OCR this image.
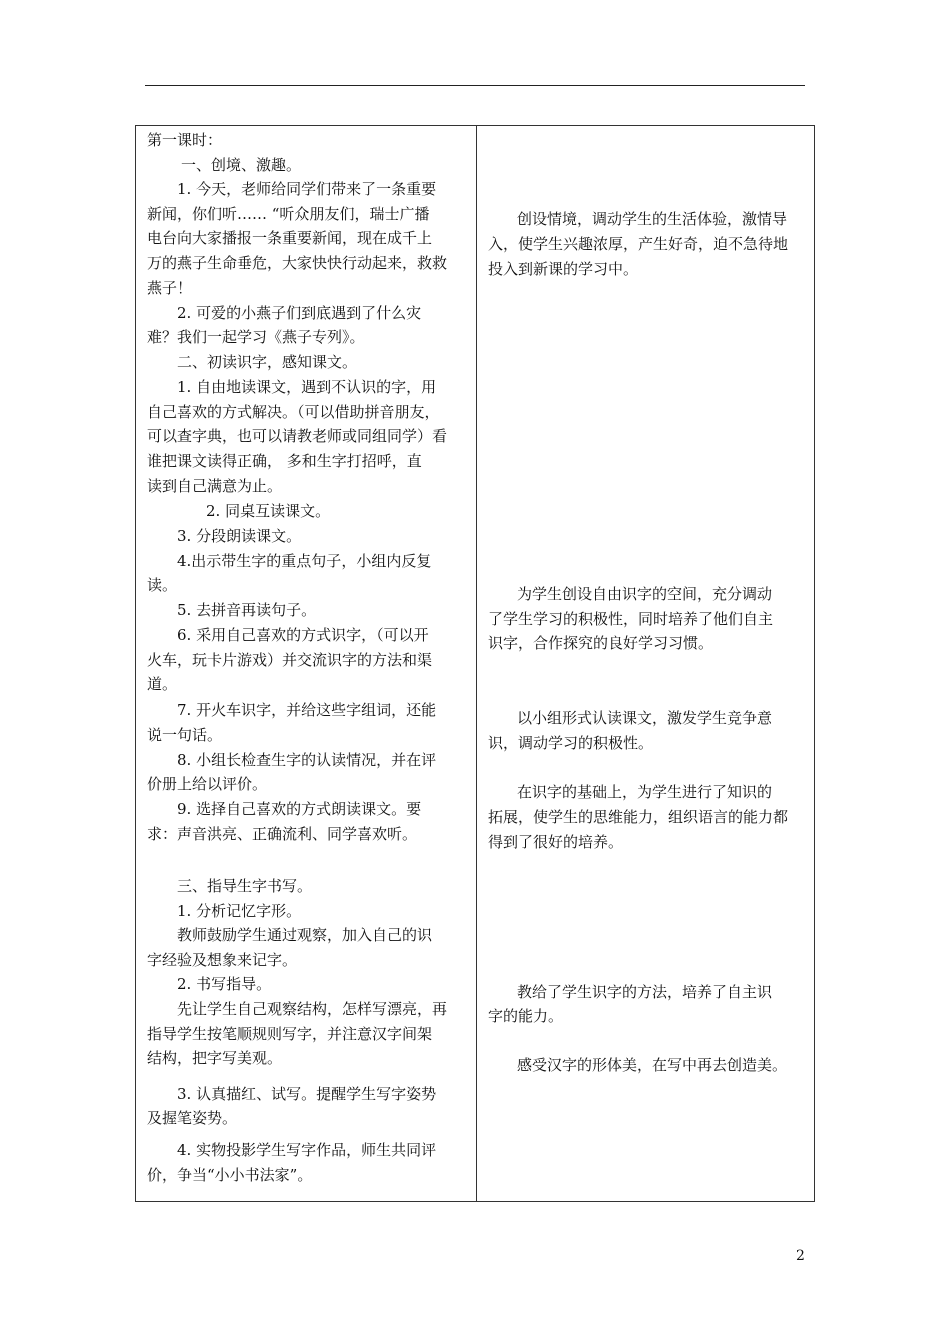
第一课时：
一、创境、激趣。
1. 今天，老师给同学们带来了一条重要
新闻，你们听…… “听众朋友们，瑞士广播
电台向大家播报一条重要新闻，现在成千上
万的燕子生命垂危，大家快快行动起来，救救
燕子！
2. 可爱的小燕子们到底遇到了什么灾
难？我们一起学习《燕子专列》。
二、初读识字，感知课文。
1. 自由地读课文，遇到不认识的字，用
自己喜欢的方式解决。（可以借助拼音朋友，
可以查字典，也可以请教老师或同组同学）看
谁把课文读得正确， 多和生字打招呼，直
读到自己满意为止。
2. 同桌互读课文。
3. 分段朗读课文。
4.出示带生字的重点句子，小组内反复
读。
5. 去拼音再读句子。
6. 采用自己喜欢的方式识字，（可以开
火车，玩卡片游戏）并交流识字的方法和渠
道。
7. 开火车识字，并给这些字组词，还能
说一句话。
8. 小组长检查生字的认读情况，并在评
价册上给以评价。
9. 选择自己喜欢的方式朗读课文。要
求：声音洪亮、正确流利、同学喜欢听。
三、指导生字书写。
1. 分析记忆字形。
教师鼓励学生通过观察，加入自己的识
字经验及想象来记字。
2. 书写指导。
先让学生自己观察结构，怎样写漂亮，再
指导学生按笔顺规则写字，并注意汉字间架
结构，把字写美观。
3. 认真描红、试写。提醒学生写字姿势
及握笔姿势。
4. 实物投影学生写字作品，师生共同评
价，争当“小小书法家”。
创设情境，调动学生的生活体验，激情导
入，使学生兴趣浓厚，产生好奇，迫不急待地
投入到新课的学习中。
为学生创设自由识字的空间，充分调动
了学生学习的积极性，同时培养了他们自主
识字，合作探究的良好学习习惯。
以小组形式认读课文，激发学生竞争意
识，调动学习的积极性。
在识字的基础上，为学生进行了知识的
拓展，使学生的思维能力，组织语言的能力都
得到了很好的培养。
教给了学生识字的方法，培养了自主识
字的能力。
感受汉字的形体美，在写中再去创造美。
2
